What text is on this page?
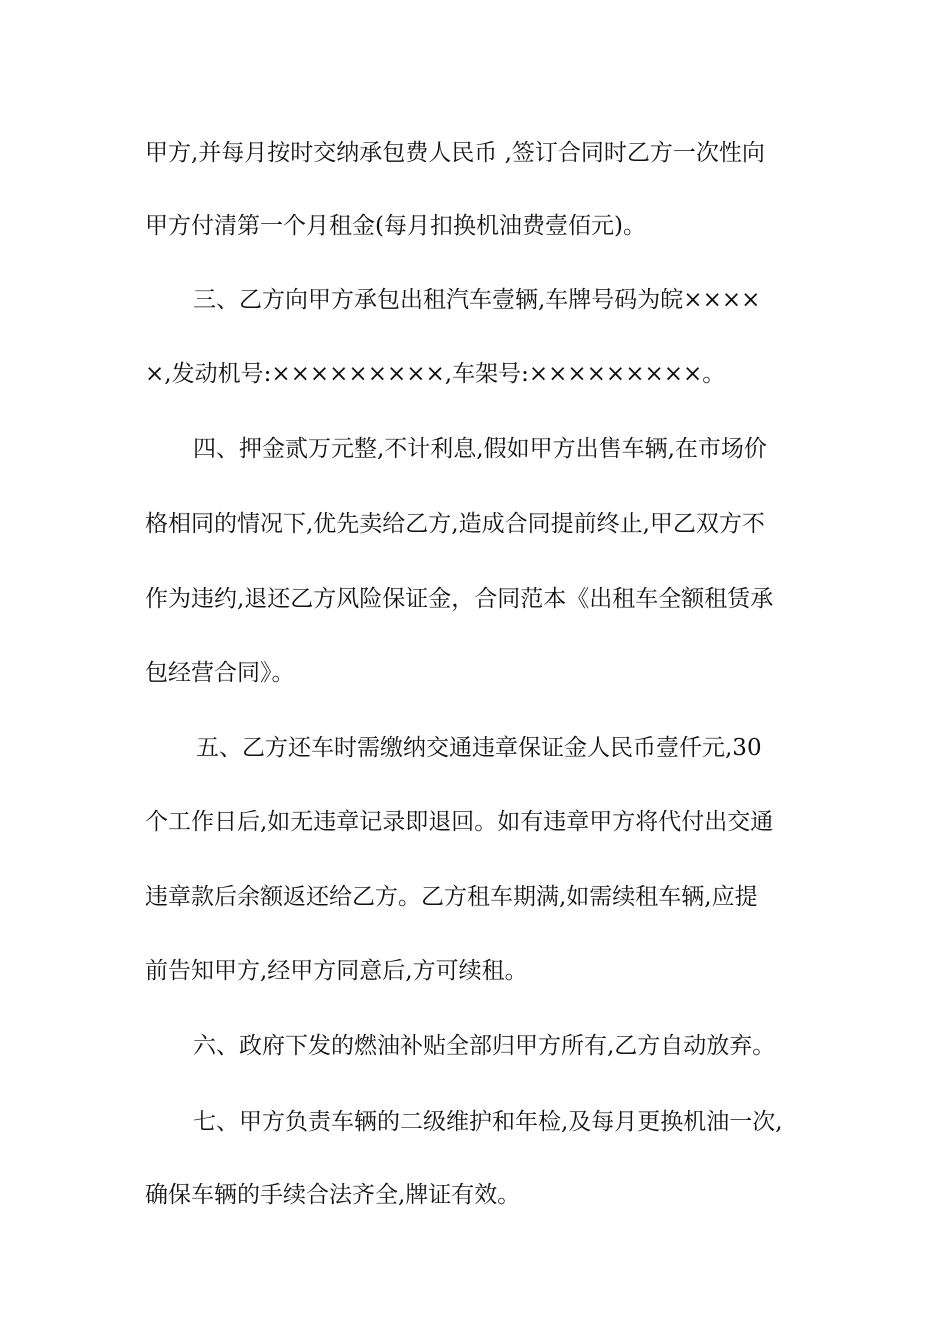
甲方,并每月按时交纳承包费人民币 ,签订合同时乙方一次性向
甲方付清第一个月租金(每月扣换机油费壹佰元)。
三、乙方向甲方承包出租汽车壹辆,车牌号码为皖××××
×,发动机号:×××××××××,车架号:×××××××××。
四、押金贰万元整,不计利息,假如甲方出售车辆,在市场价
格相同的情况下,优先卖给乙方,造成合同提前终止,甲乙双方不
作为违约,退还乙方风险保证金，合同范本《出租车全额租赁承
包经营合同》。
五、乙方还车时需缴纳交通违章保证金人民币壹仟元,30
个工作日后,如无违章记录即退回。如有违章甲方将代付出交通
违章款后余额返还给乙方。乙方租车期满,如需续租车辆,应提
前告知甲方,经甲方同意后,方可续租。
六、政府下发的燃油补贴全部归甲方所有,乙方自动放弃。
七、甲方负责车辆的二级维护和年检,及每月更换机油一次,
确保车辆的手续合法齐全,牌证有效。
